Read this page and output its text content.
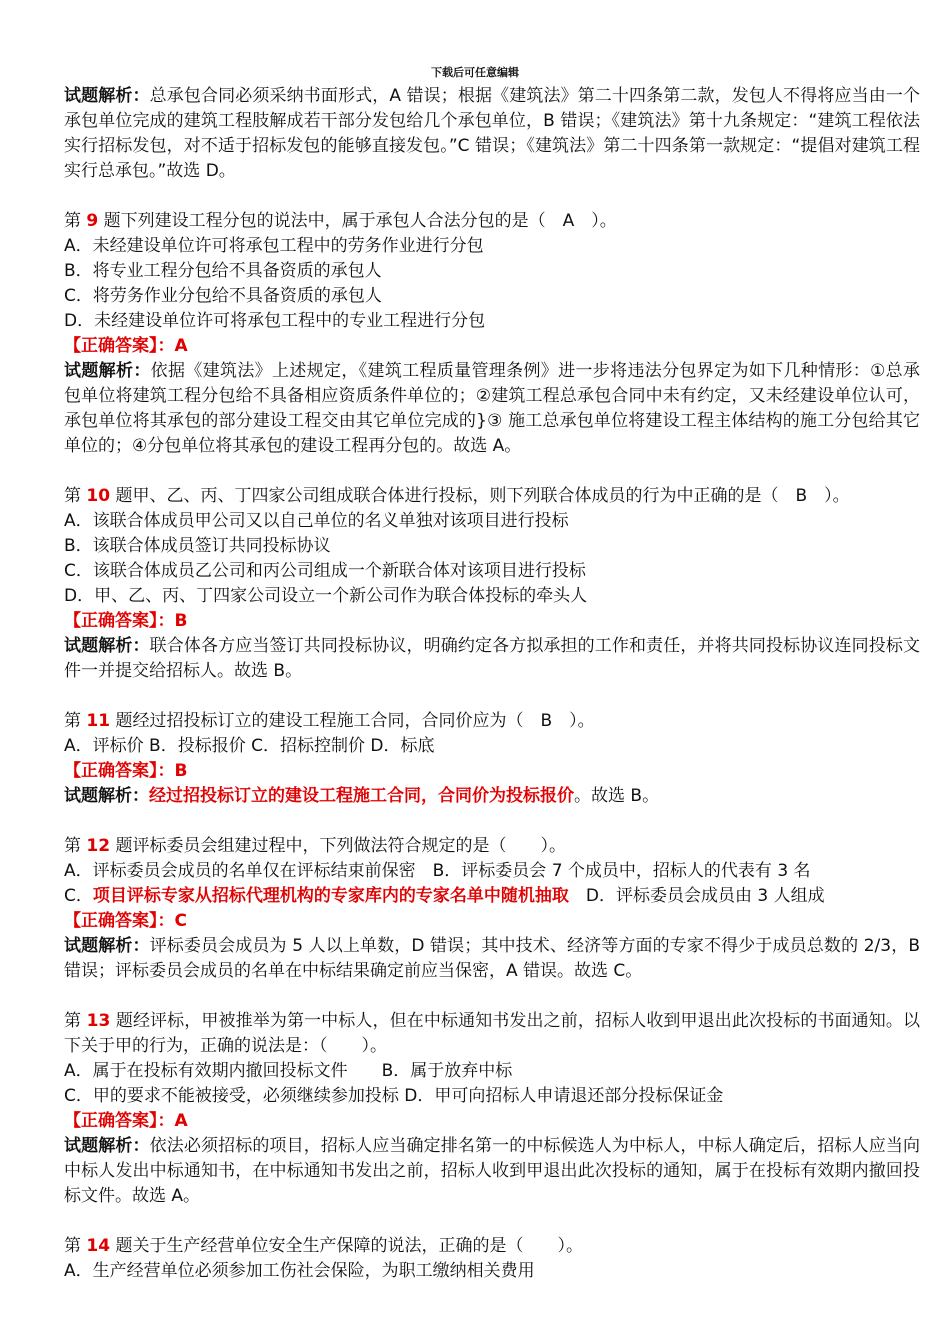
下载后可任意编辑

试题解析：总承包合同必须采纳书面形式，A 错误；根据《建筑法》第二十四条第二款，发包人不得将应当由一个承包单位完成的建筑工程肢解成若干部分发包给几个承包单位，B 错误；《建筑法》第十九条规定：“建筑工程依法实行招标发包，对不适于招标发包的能够直接发包。”C 错误；《建筑法》第二十四条第一款规定：“提倡对建筑工程实行总承包。”故选 D。

第 9 题下列建设工程分包的说法中，属于承包人合法分包的是（　A　）。

A．未经建设单位许可将承包工程中的劳务作业进行分包

B．将专业工程分包给不具备资质的承包人

C．将劳务作业分包给不具备资质的承包人

D．未经建设单位许可将承包工程中的专业工程进行分包

【正确答案】：A

试题解析：依据《建筑法》上述规定，《建筑工程质量管理条例》进一步将违法分包界定为如下几种情形：①总承包单位将建筑工程分包给不具备相应资质条件单位的；②建筑工程总承包合同中未有约定，又未经建设单位认可，承包单位将其承包的部分建设工程交由其它单位完成的}③ 施工总承包单位将建设工程主体结构的施工分包给其它单位的；④分包单位将其承包的建设工程再分包的。故选 A。

第 10 题甲、乙、丙、丁四家公司组成联合体进行投标，则下列联合体成员的行为中正确的是（　B　）。

A．该联合体成员甲公司又以自己单位的名义单独对该项目进行投标

B．该联合体成员签订共同投标协议

C．该联合体成员乙公司和丙公司组成一个新联合体对该项目进行投标

D．甲、乙、丙、丁四家公司设立一个新公司作为联合体投标的牵头人

【正确答案】：B

试题解析：联合体各方应当签订共同投标协议，明确约定各方拟承担的工作和责任，并将共同投标协议连同投标文件一并提交给招标人。故选 B。

第 11 题经过招投标订立的建设工程施工合同，合同价应为（　B　）。

A．评标价 B．投标报价 C．招标控制价 D．标底

【正确答案】：B

试题解析：经过招投标订立的建设工程施工合同，合同价为投标报价。故选 B。

第 12 题评标委员会组建过程中，下列做法符合规定的是（　　）。

A．评标委员会成员的名单仅在评标结束前保密　B．评标委员会 7 个成员中，招标人的代表有 3 名

C．项目评标专家从招标代理机构的专家库内的专家名单中随机抽取　D．评标委员会成员由 3 人组成

【正确答案】：C

试题解析：评标委员会成员为 5 人以上单数，D 错误；其中技术、经济等方面的专家不得少于成员总数的 2/3，B 错误；评标委员会成员的名单在中标结果确定前应当保密，A 错误。故选 C。

第 13 题经评标，甲被推举为第一中标人，但在中标通知书发出之前，招标人收到甲退出此次投标的书面通知。以下关于甲的行为，正确的说法是：（　　）。

A．属于在投标有效期内撤回投标文件　　B．属于放弃中标

C．甲的要求不能被接受，必须继续参加投标 D．甲可向招标人申请退还部分投标保证金

【正确答案】：A

试题解析：依法必须招标的项目，招标人应当确定排名第一的中标候选人为中标人，中标人确定后，招标人应当向中标人发出中标通知书，在中标通知书发出之前，招标人收到甲退出此次投标的通知，属于在投标有效期内撤回投标文件。故选 A。

第 14 题关于生产经营单位安全生产保障的说法，正确的是（　　）。

A．生产经营单位必须参加工伤社会保险，为职工缴纳相关费用
